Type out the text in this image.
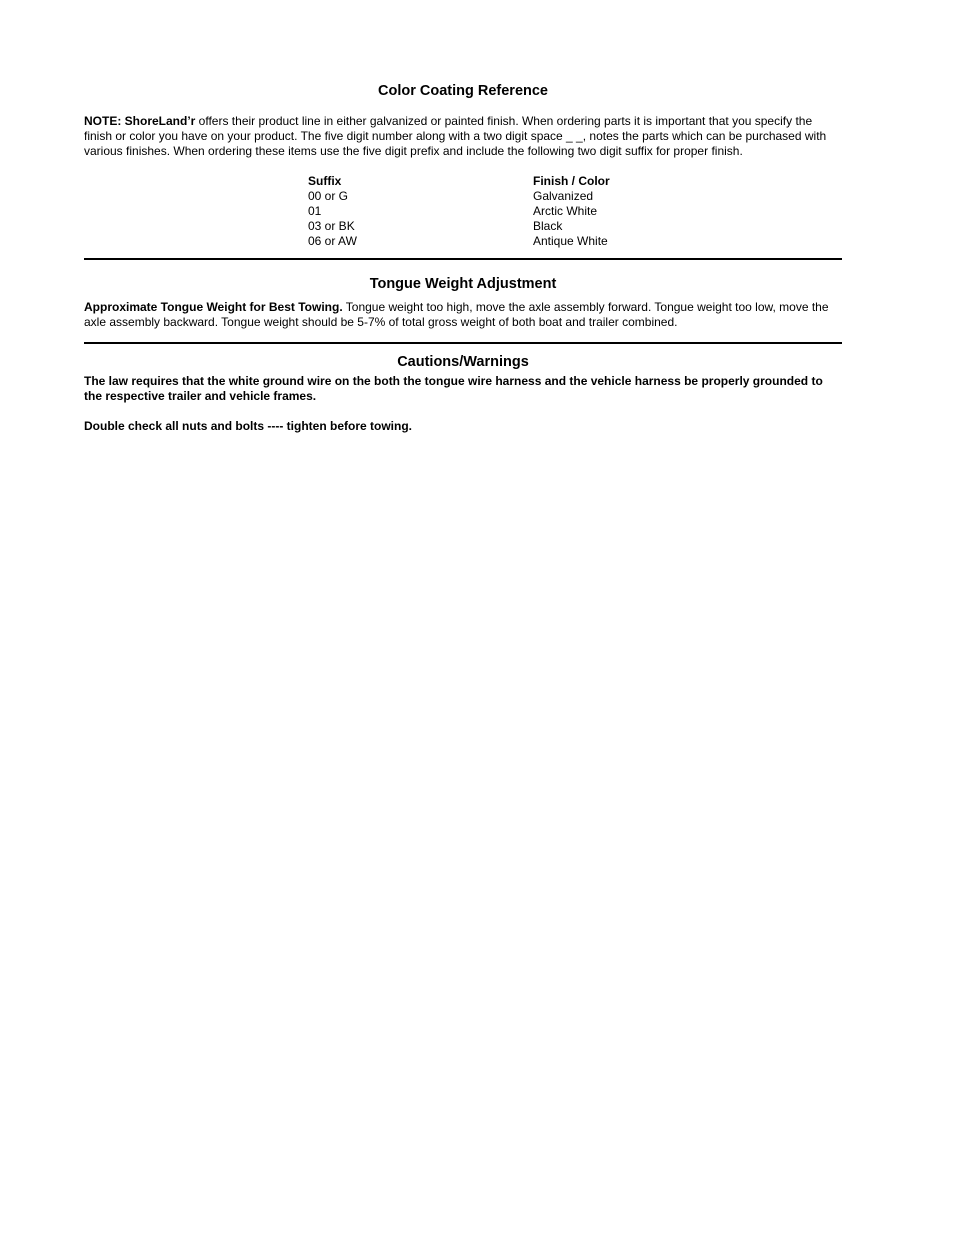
Color Coating Reference

NOTE: ShoreLand’r offers their product line in either galvanized or painted finish. When ordering parts it is important that you specify the finish or color you have on your product. The five digit number along with a two digit space _ _, notes the parts which can be purchased with various finishes. When ordering these items use the five digit prefix and include the following two digit suffix for proper finish.

Suffix	Finish / Color
00 or G	Galvanized
01	Arctic White
03 or BK	Black
06 or AW	Antique White
Tongue Weight Adjustment

Approximate Tongue Weight for Best Towing. Tongue weight too high, move the axle assembly forward. Tongue weight too low, move the axle assembly backward. Tongue weight should be 5-7% of total gross weight of both boat and trailer combined.

Cautions/Warnings

The law requires that the white ground wire on the both the tongue wire harness and the vehicle harness be properly grounded to the respective trailer and vehicle frames.

Double check all nuts and bolts ---- tighten before towing.
